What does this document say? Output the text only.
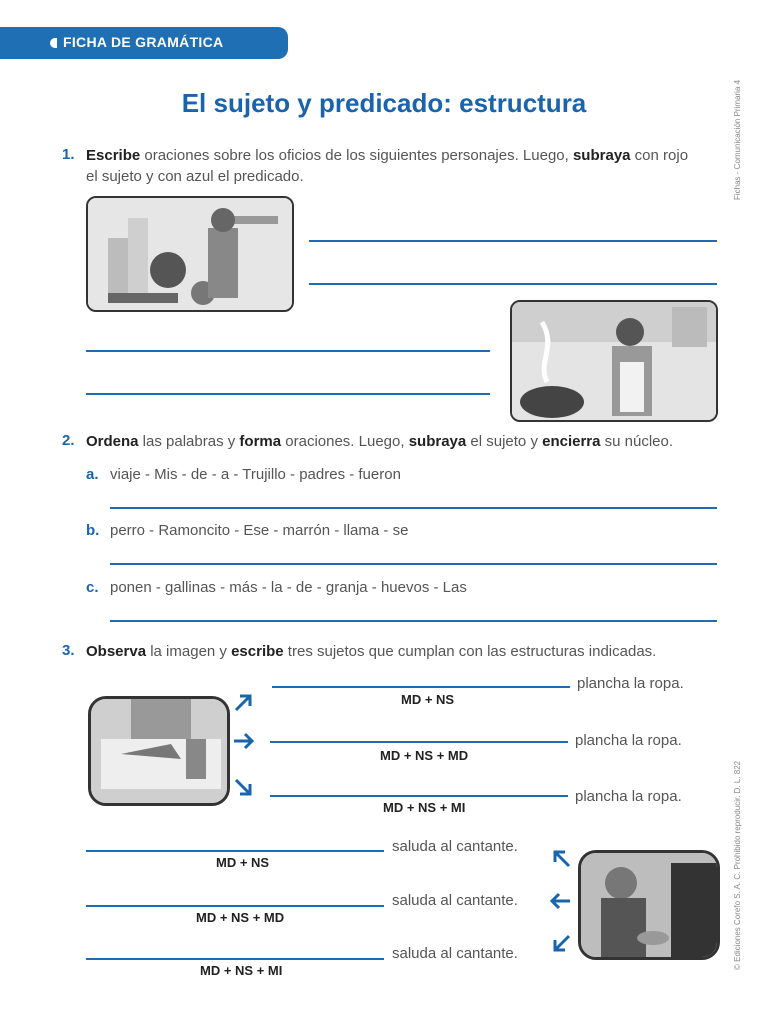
FICHA DE GRAMÁTICA
El sujeto y predicado: estructura	Fichas - Comunicación Primaria 4
© Ediciones Corefo S. A. C. Prohibido reproducir. D. L. 822
1. Escribe oraciones sobre los oficios de los siguientes personajes. Luego, subraya con rojo
el sujeto y con azul el predicado.
2. Ordena las palabras y forma oraciones. Luego, subraya el sujeto y encierra su núcleo.
a. viaje - Mis - de - a - Trujillo - padres - fueron
b. perro - Ramoncito - Ese - marrón - llama - se
c. ponen - gallinas - más - la - de - granja - huevos - Las
3. Observa la imagen y escribe tres sujetos que cumplan con las estructuras indicadas.
plancha la ropa.
MD + NS
plancha la ropa.
MD + NS + MD
plancha la ropa.
MD + NS + MI
saluda al cantante.
MD + NS
saluda al cantante.
MD + NS + MD
saluda al cantante.
MD + NS + MI
